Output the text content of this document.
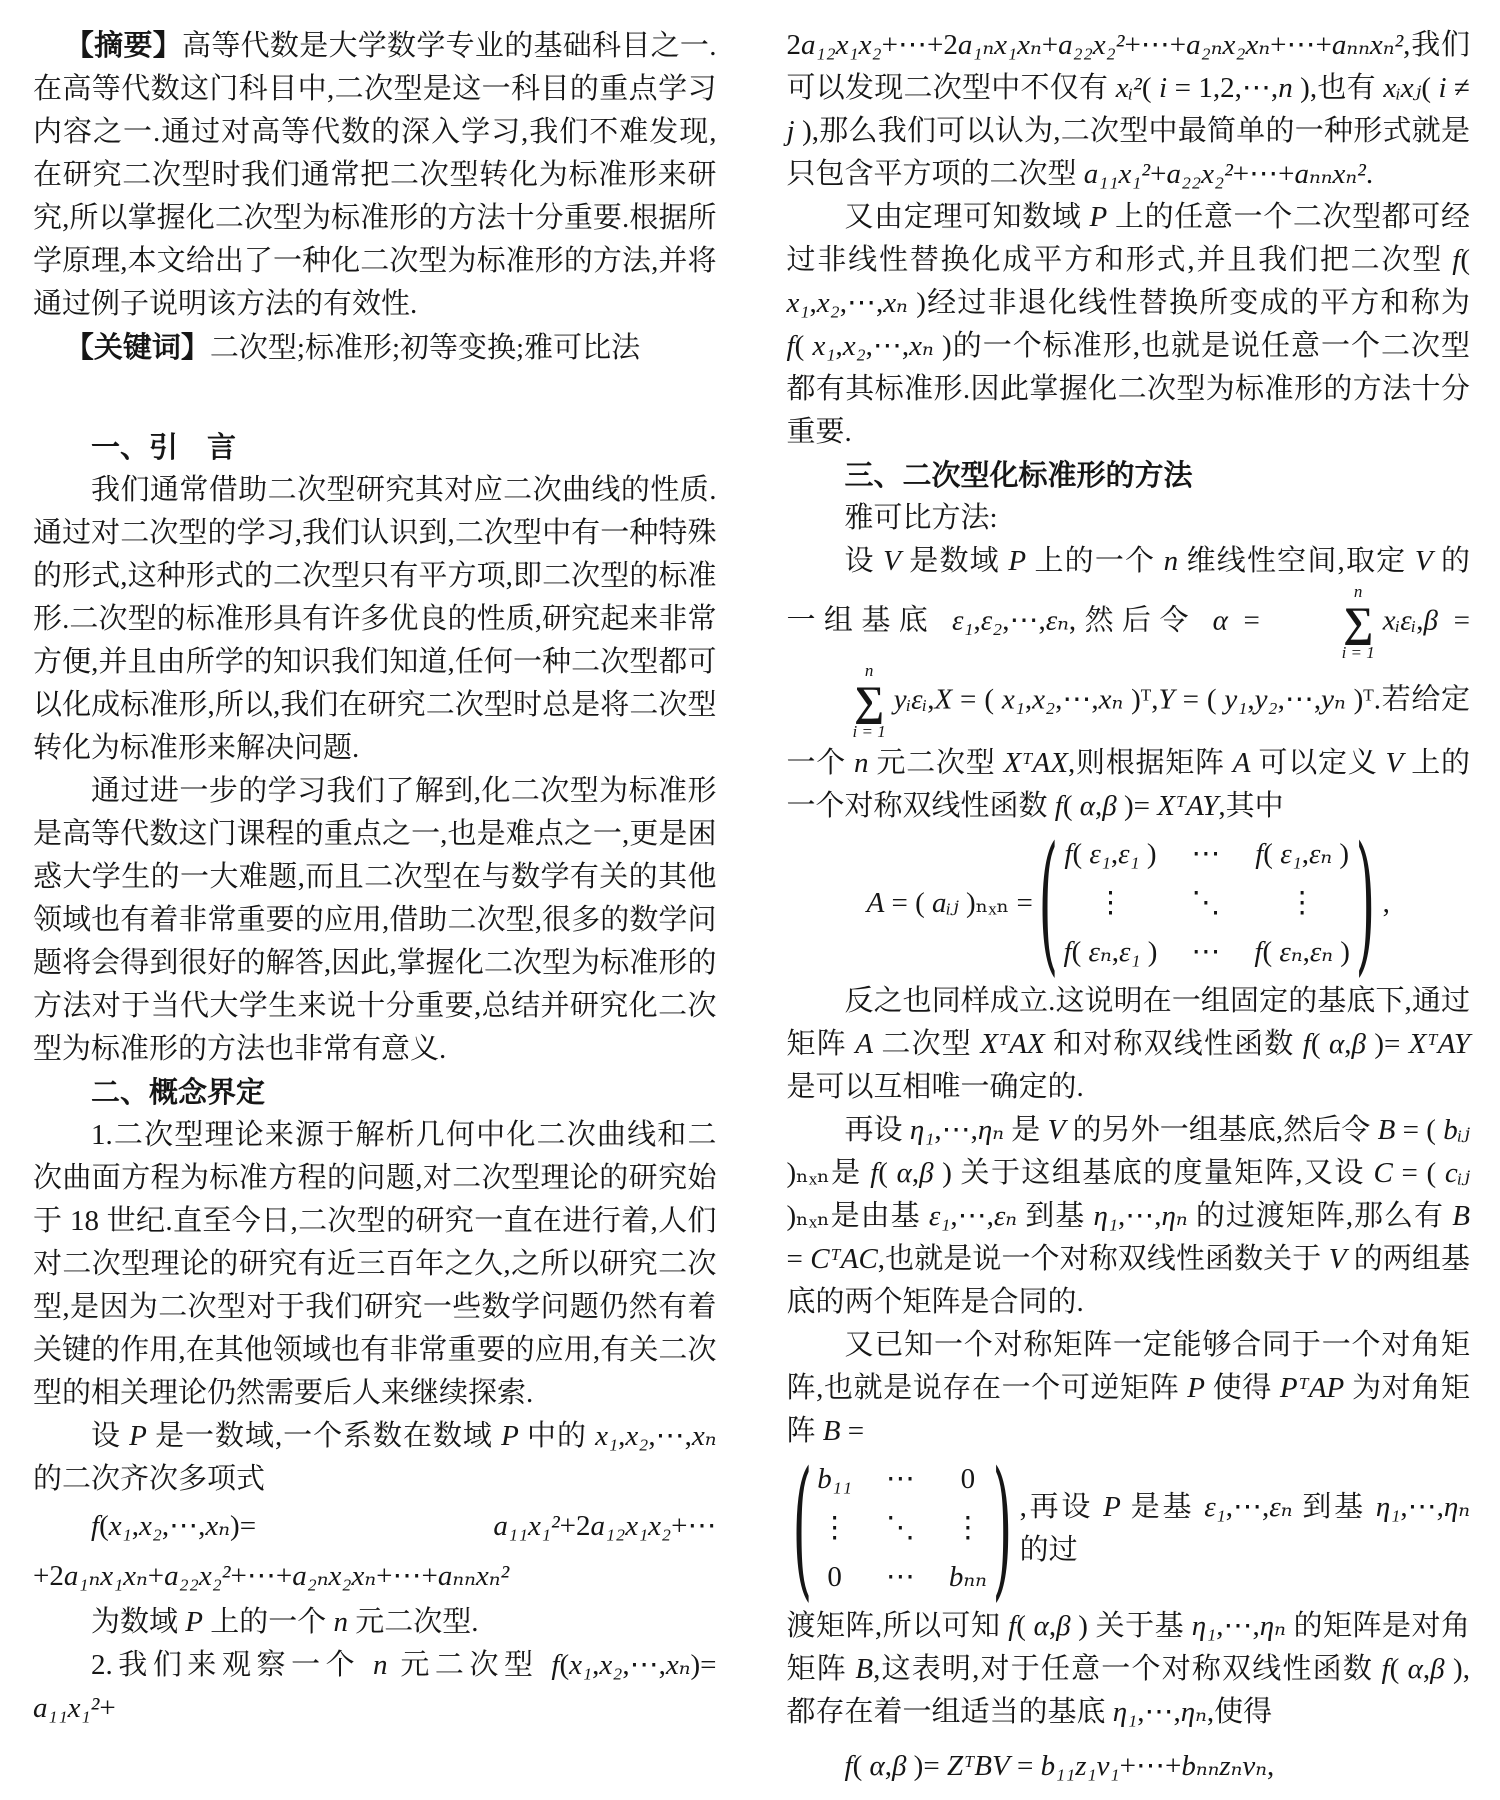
【摘要】高等代数是大学数学专业的基础科目之一.在高等代数这门科目中,二次型是这一科目的重点学习内容之一.通过对高等代数的深入学习,我们不难发现,在研究二次型时我们通常把二次型转化为标准形来研究,所以掌握化二次型为标准形的方法十分重要.根据所学原理,本文给出了一种化二次型为标准形的方法,并将通过例子说明该方法的有效性.

【关键词】二次型;标准形;初等变换;雅可比法

一、引　言

我们通常借助二次型研究其对应二次曲线的性质.通过对二次型的学习,我们认识到,二次型中有一种特殊的形式,这种形式的二次型只有平方项,即二次型的标准形.二次型的标准形具有许多优良的性质,研究起来非常方便,并且由所学的知识我们知道,任何一种二次型都可以化成标准形,所以,我们在研究二次型时总是将二次型转化为标准形来解决问题.

通过进一步的学习我们了解到,化二次型为标准形是高等代数这门课程的重点之一,也是难点之一,更是困惑大学生的一大难题,而且二次型在与数学有关的其他领域也有着非常重要的应用,借助二次型,很多的数学问题将会得到很好的解答,因此,掌握化二次型为标准形的方法对于当代大学生来说十分重要,总结并研究化二次型为标准形的方法也非常有意义.

二、概念界定

1.二次型理论来源于解析几何中化二次曲线和二次曲面方程为标准方程的问题,对二次型理论的研究始于 18 世纪.直至今日,二次型的研究一直在进行着,人们对二次型理论的研究有近三百年之久,之所以研究二次型,是因为二次型对于我们研究一些数学问题仍然有着关键的作用,在其他领域也有非常重要的应用,有关二次型的相关理论仍然需要后人来继续探索.

设 P 是一数域,一个系数在数域 P 中的 x₁,x₂,⋯,xₙ 的二次齐次多项式

f(x₁,x₂,⋯,xₙ)= a₁₁x₁²+2a₁₂x₁x₂+⋯+2a₁ₙx₁xₙ+a₂₂x₂²+⋯+a₂ₙx₂xₙ+⋯+aₙₙxₙ²

为数域 P 上的一个 n 元二次型.

2.我们来观察一个 n 元二次型 f(x₁,x₂,⋯,xₙ)= a₁₁x₁²+

2a₁₂x₁x₂+⋯+2a₁ₙx₁xₙ+a₂₂x₂²+⋯+a₂ₙx₂xₙ+⋯+aₙₙxₙ²,我们可以发现二次型中不仅有 xᵢ²( i = 1,2,⋯,n ),也有 xᵢxⱼ( i ≠ j ),那么我们可以认为,二次型中最简单的一种形式就是只包含平方项的二次型 a₁₁x₁²+a₂₂x₂²+⋯+aₙₙxₙ².

又由定理可知数域 P 上的任意一个二次型都可经过非线性替换化成平方和形式,并且我们把二次型 f( x₁,x₂,⋯,xₙ )经过非退化线性替换所变成的平方和称为 f( x₁,x₂,⋯,xₙ )的一个标准形,也就是说任意一个二次型都有其标准形.因此掌握化二次型为标准形的方法十分重要.

三、二次型化标准形的方法

雅可比方法:

设 V 是数域 P 上的一个 n 维线性空间,取定 V 的一组基底 ε₁,ε₂,⋯,εₙ,然后令 α =
n
∑
i = 1
xᵢεᵢ,β =
n
∑
i = 1
yᵢεᵢ,X = ( x₁,x₂,⋯,xₙ )ᵀ,Y = ( y₁,y₂,⋯,yₙ )ᵀ.若给定一个 n 元二次型 XᵀAX,则根据矩阵 A 可以定义 V 上的一个对称双线性函数 f( α,β )= XᵀAY,其中

A = ( aᵢⱼ )ₙₓₙ = ( f( ε₁,ε₁ ) ⋯ f( ε₁,εₙ )
⋮ ⋱ ⋮
f( εₙ,ε₁ ) ⋯ f( εₙ,εₙ ) ) ,

反之也同样成立.这说明在一组固定的基底下,通过矩阵 A 二次型 XᵀAX 和对称双线性函数 f( α,β )= XᵀAY 是可以互相唯一确定的.

再设 η₁,⋯,ηₙ 是 V 的另外一组基底,然后令 B = ( bᵢⱼ )ₙₓₙ是 f( α,β ) 关于这组基底的度量矩阵,又设 C = ( cᵢⱼ )ₙₓₙ是由基 ε₁,⋯,εₙ 到基 η₁,⋯,ηₙ 的过渡矩阵,那么有 B = CᵀAC,也就是说一个对称双线性函数关于 V 的两组基底的两个矩阵是合同的.

又已知一个对称矩阵一定能够合同于一个对角矩阵,也就是说存在一个可逆矩阵 P 使得 PᵀAP 为对角矩阵 B =

( b₁₁ ⋯ 0
⋮ ⋱ ⋮
0 ⋯ bₙₙ ) ,再设 P 是基 ε₁,⋯,εₙ 到基 η₁,⋯,ηₙ 的过

渡矩阵,所以可知 f( α,β ) 关于基 η₁,⋯,ηₙ 的矩阵是对角矩阵 B,这表明,对于任意一个对称双线性函数 f( α,β ),都存在着一组适当的基底 η₁,⋯,ηₙ,使得

f( α,β )= ZᵀBV = b₁₁z₁v₁+⋯+bₙₙzₙvₙ,
